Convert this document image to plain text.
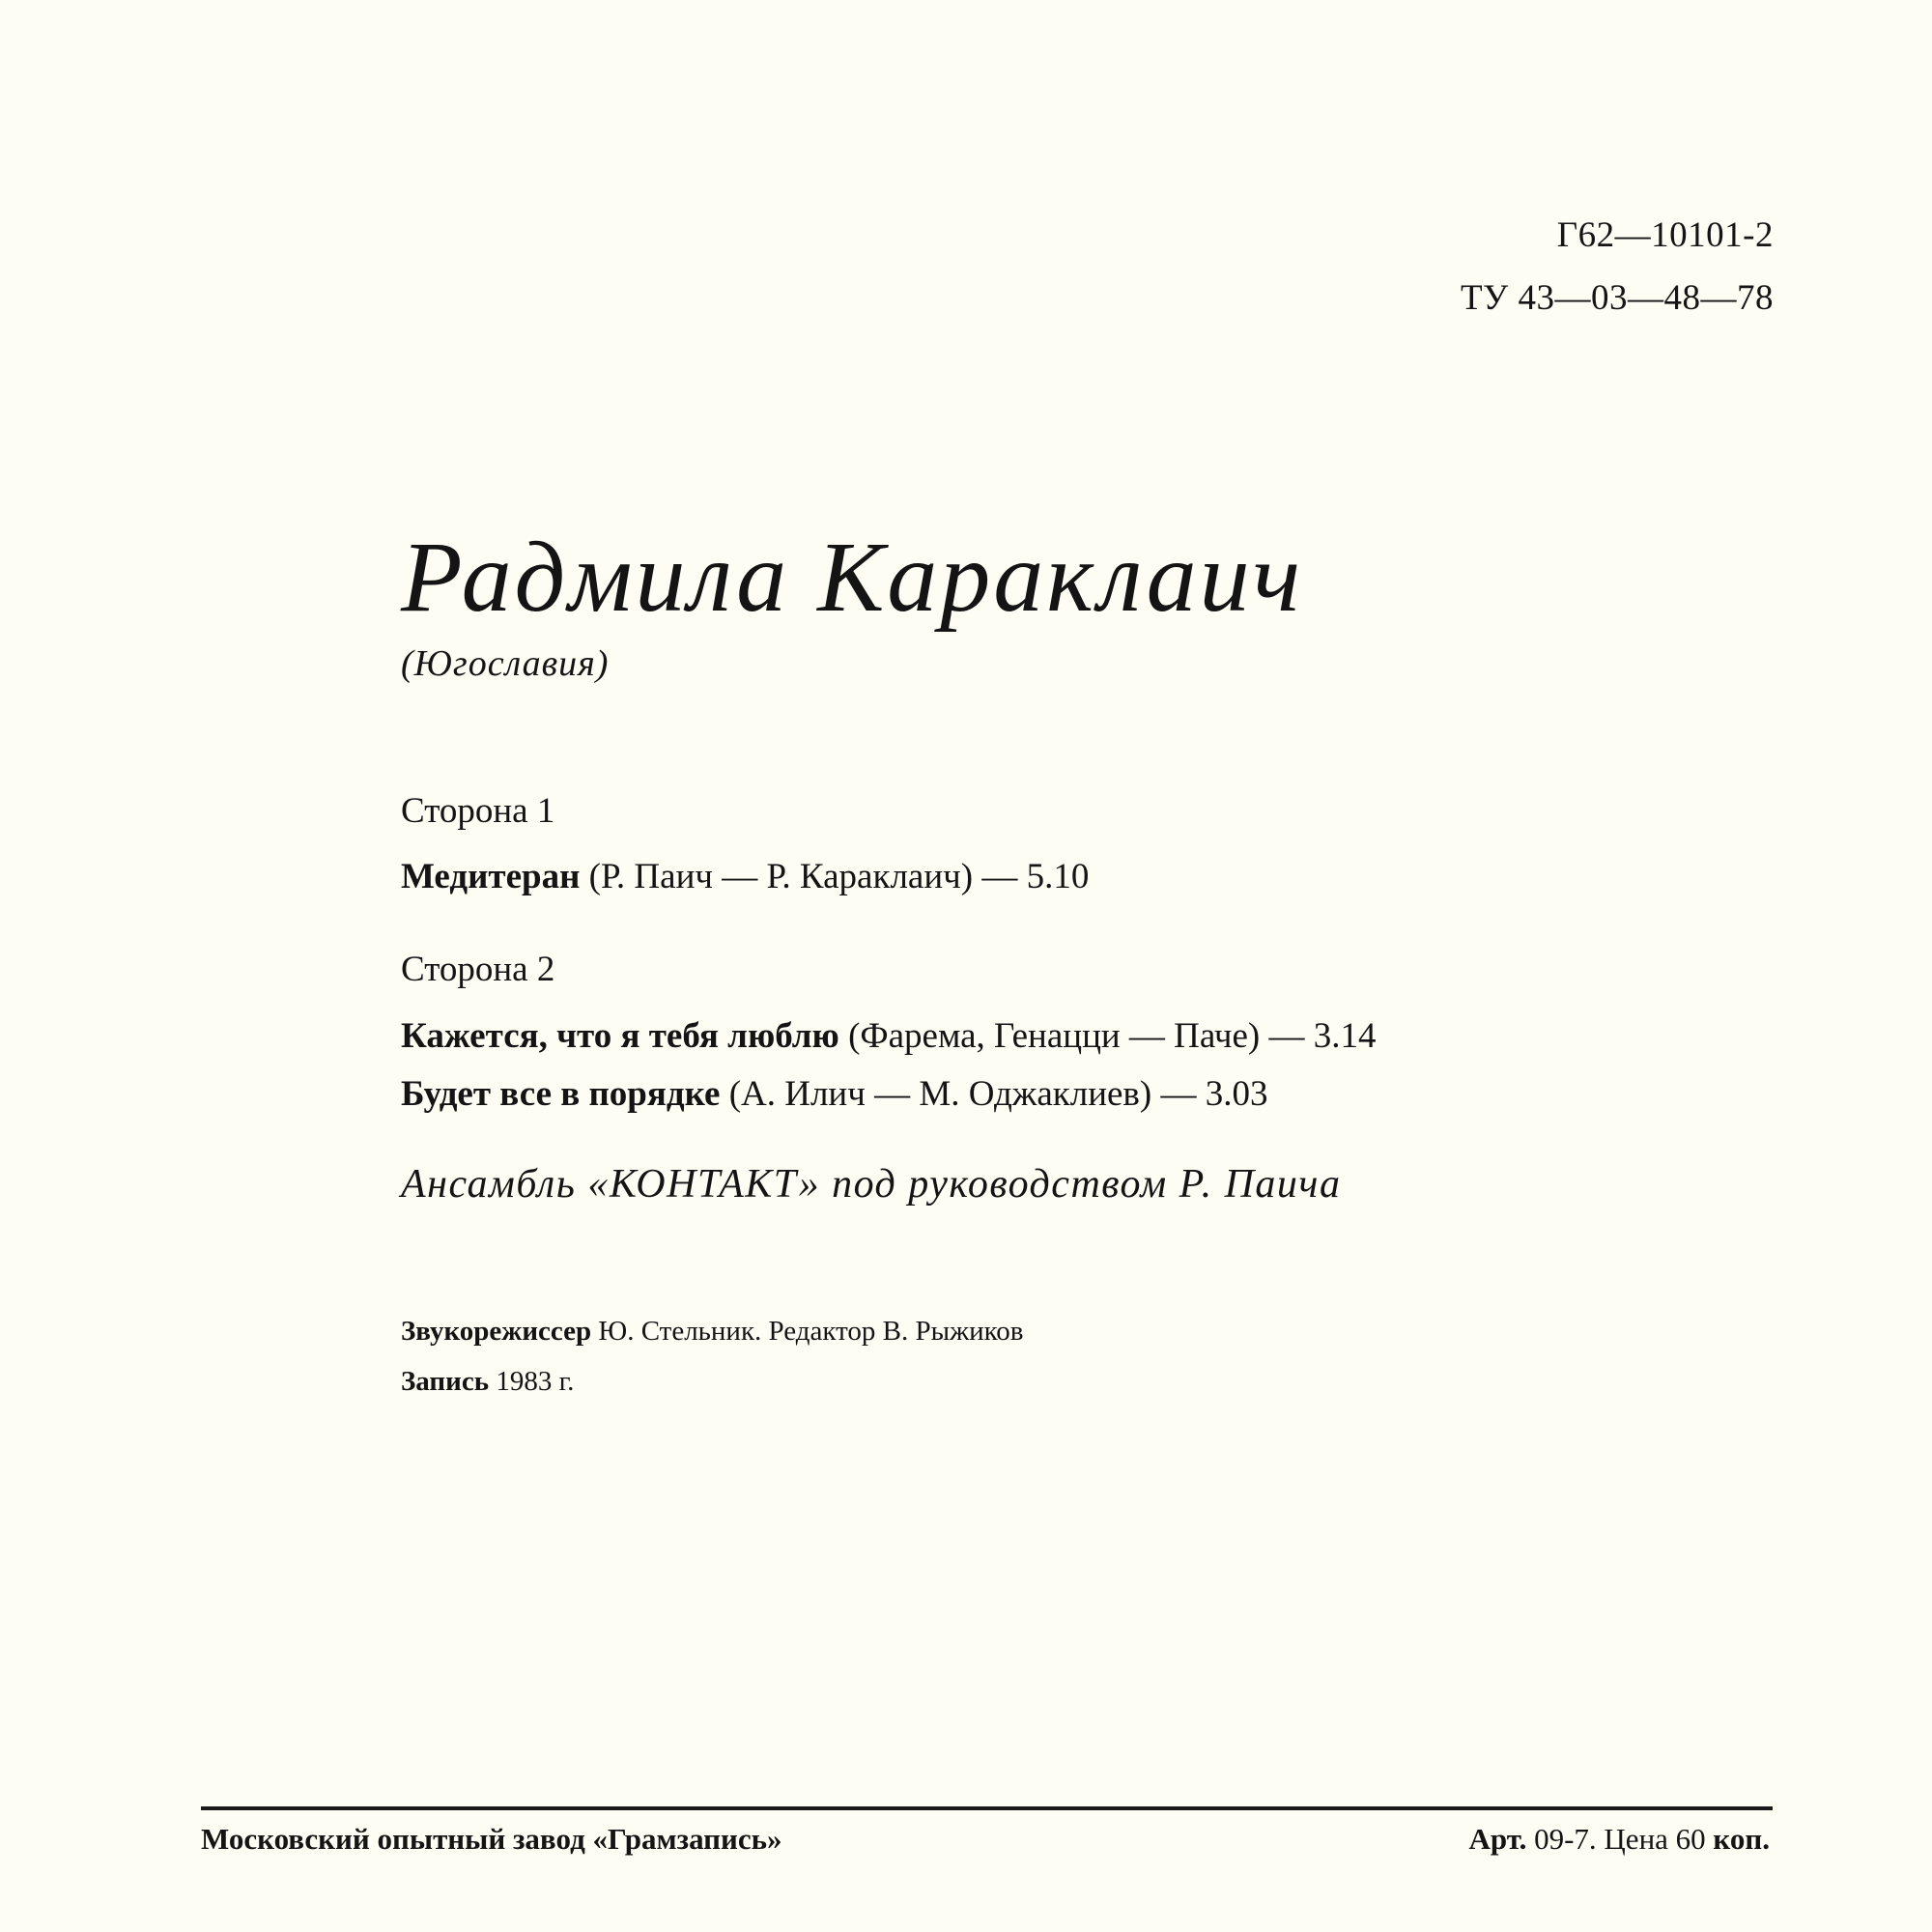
Г62—10101-2
ТУ 43—03—48—78
Радмила Караклаич
(Югославия)
Сторона 1
Медитеран (Р. Паич — Р. Караклаич) — 5.10
Сторона 2
Кажется, что я тебя люблю (Фарема, Генацци — Паче) — 3.14
Будет все в порядке (А. Илич — М. Оджаклиев) — 3.03
Ансамбль «КОНТАКТ» под руководством Р. Паича
Звукорежиссер Ю. Стельник. Редактор В. Рыжиков
Запись 1983 г.
Московский опытный завод «Грамзапись»	Арт. 09-7. Цена 60 коп.
